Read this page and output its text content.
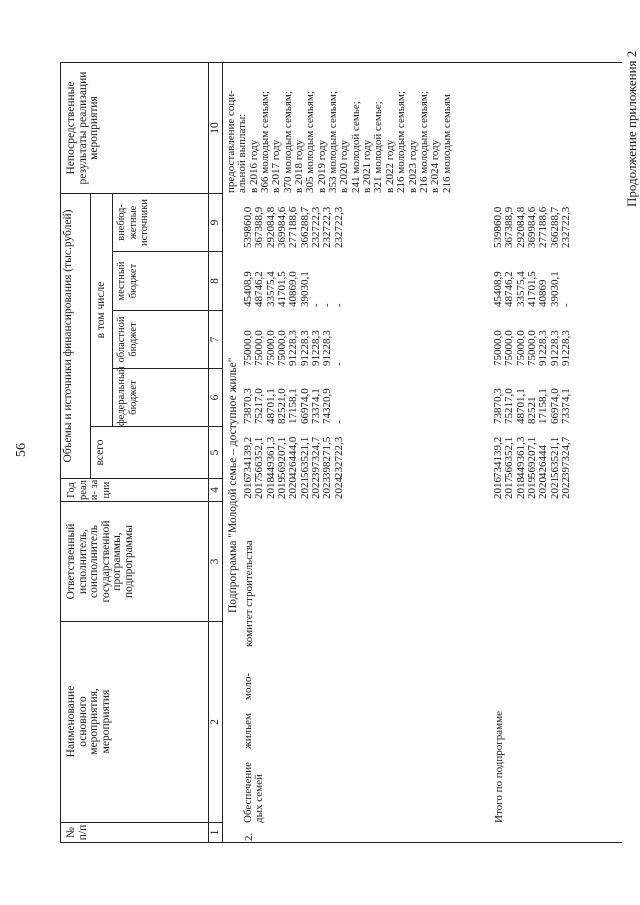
56
Продолжение приложения 2
№ п/п
Наименование основного мероприятия, мероприятия
Ответственный исполнитель, соисполнитель государственной программы, подпрограммы
Год реали- зации
Объемы и источники финансирования (тыс.рублей) всего
в том числе
федеральный бюджет
областной бюджет
местный бюджет
внебюд- жетные источники
Непосредственные результаты реализации мероприятия
1
2
3
4
5
6
7
8
9
10
Подпрограмма "Молодой семье – доступное жилье"
2.
Обеспечение жильем моло- дых семей
комитет строительства
2016 2017 2018 2019 2020 2021 2022 2023 2024
734139,2 566352,1 449361,3 569207,1 426444,0 563521,1 397324,7 398271,5 232722,3
73870,3 75217,0 48701,1 82521,0 17158,1 66974,0 73374,1 74320,9 -
75000,0 75000,0 75000,0 75000,0 91228,3 91228,3 91228,3 91228,3 -
45408,9 48746,2 33575,4 41701,5 40869,0 39030,1 - - -
539860,0 367388,9 292084,8 369984,6 277188,6 366288,7 232722,3 232722,3 232722,3
предоставление соци- альной выплаты: в 2016 году 366 молодым семьям; в 2017 году 370 молодым семьям; в 2018 году 305 молодым семьям; в 2019 году 353 молодым семьям; в 2020 году 241 молодой семье; в 2021 году 321 молодой семье; в 2022 году 216 молодым семьям; в 2023 году 216 молодым семьям; в 2024 году 216 молодым семьям
Итого по подпрограмме
2016 2017 2018 2019 2020 2021 2022
734139,2 566352,1 449361,3 569207,1 426444 563521,1 397324,7
73870,3 75217,0 48701,1 82521 17158,1 66974,0 73374,1
75000,0 75000,0 75000,0 75000,0 91228,3 91228,3 91228,3
45408,9 48746,2 33575,4 41701,5 40869 39030,1 -
539860,0 367388,9 292084,8 369984,6 277188,6 366288,7 232722,3
